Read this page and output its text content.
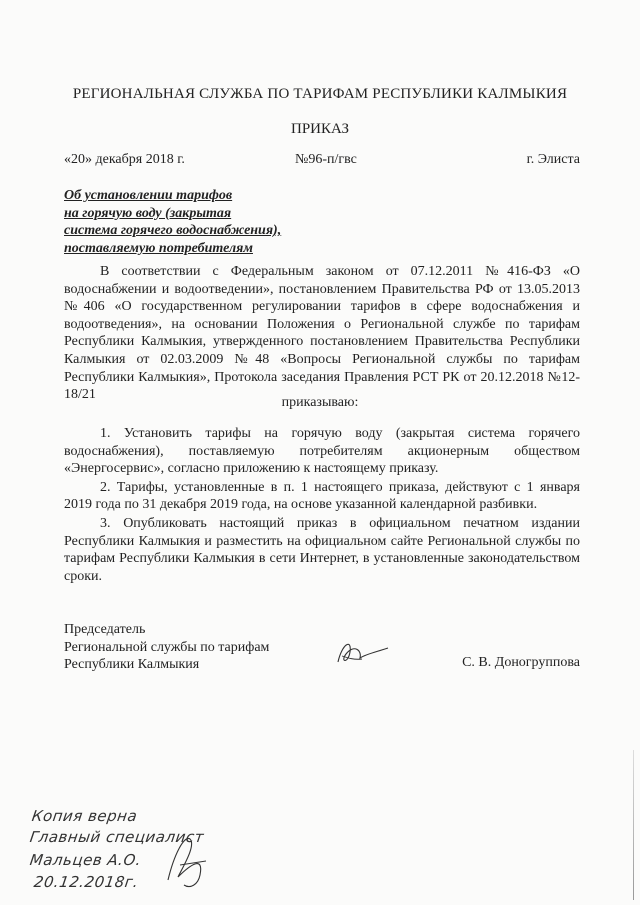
РЕГИОНАЛЬНАЯ СЛУЖБА ПО ТАРИФАМ РЕСПУБЛИКИ КАЛМЫКИЯ
ПРИКАЗ
«20» декабря 2018 г.	№96-п/гвс	г. Элиста
Об установлении тарифов
на горячую воду (закрытая
система горячего водоснабжения),
поставляемую потребителям

В соответствии с Федеральным законом от 07.12.2011 №416-ФЗ «О водоснабжении и водоотведении», постановлением Правительства РФ от 13.05.2013 №406 «О государственном регулировании тарифов в сфере водоснабжения и водоотведения», на основании Положения о Региональной службе по тарифам Республики Калмыкия, утвержденного постановлением Правительства Республики Калмыкия от 02.03.2009 №48 «Вопросы Региональной службы по тарифам Республики Калмыкия», Протокола заседания Правления РСТ РК от 20.12.2018 №12-18/21

приказываю:

1. Установить тарифы на горячую воду (закрытая система горячего водоснабжения), поставляемую потребителям акционерным обществом «Энергосервис», согласно приложению к настоящему приказу.

2. Тарифы, установленные в п. 1 настоящего приказа, действуют с 1 января 2019 года по 31 декабря 2019 года, на основе указанной календарной разбивки.

3. Опубликовать настоящий приказ в официальном печатном издании Республики Калмыкия и разместить на официальном сайте Региональной службы по тарифам Республики Калмыкия в сети Интернет, в установленные законодательством сроки.

Председатель
Региональной службы по тарифам
Республики Калмыкия	С. В. Доногруппова
Копия верна
Главный специалист
Мальцев А.О.
20.12.2018г.
